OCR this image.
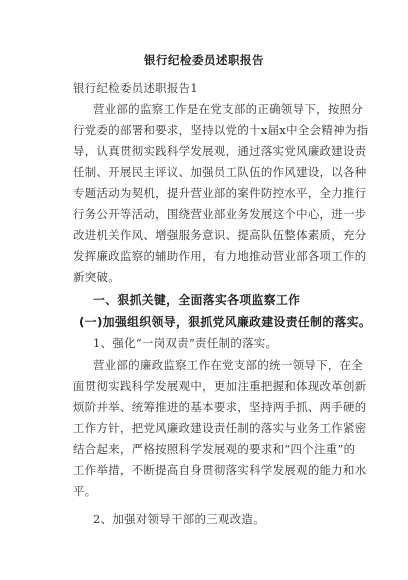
银行纪检委员述职报告
银行纪检委员述职报告1
营业部的监察工作是在党支部的正确领导下，按照分
行党委的部署和要求，坚持以党的十x届x中全会精神为指
导，认真贯彻实践科学发展观，通过落实党风廉政建设责
任制、开展民主评议、加强员工队伍的作风建设，以各种
专题活动为契机，提升营业部的案件防控水平，全力推行
行务公开等活动，围绕营业部业务发展这个中心，进一步
改进机关作风、增强服务意识、提高队伍整体素质，充分
发挥廉政监察的辅助作用，有力地推动营业部各项工作的
新突破。
一、狠抓关键，全面落实各项监察工作
(一)加强组织领导，狠抓党风廉政建设责任制的落实。
1、强化“一岗双责”责任制的落实。
营业部的廉政监察工作在党支部的统一领导下，在全
面贯彻实践科学发展观中，更加注重把握和体现改革创新
烦阶并举、统筹推进的基本要求，坚持两手抓、两手硬的
工作方针，把党风廉政建设责任制的落实与业务工作紧密
结合起来，严格按照科学发展观的要求和“四个注重”的
工作举措，不断提高自身贯彻落实科学发展观的能力和水
平。
2、加强对领导干部的三观改造。
